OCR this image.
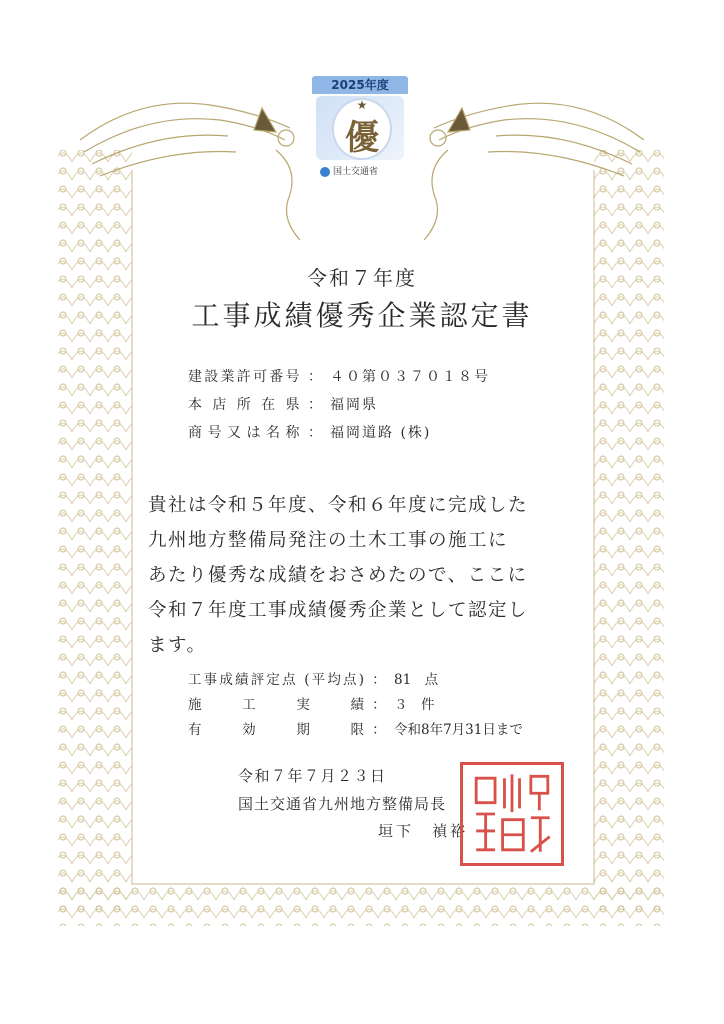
2025年度
★
優
国土交通省
令和７年度
工事成績優秀企業認定書
建設業許可番号 ： ４０第０３７０１８号
本店所在県 ： 福岡県
商号又は名称 ： 福岡道路 (株)
貴社は令和５年度、令和６年度に完成した
九州地方整備局発注の土木工事の施工に
あたり優秀な成績をおさめたので、ここに
令和７年度工事成績優秀企業として認定し
ます。
工事成績評定点 (平均点) ： 81　点
施工実績 ： ３　件
有効期限 ： 令和8年7月31日まで
令和７年７月２３日
国土交通省九州地方整備局長
垣下　禎裕
